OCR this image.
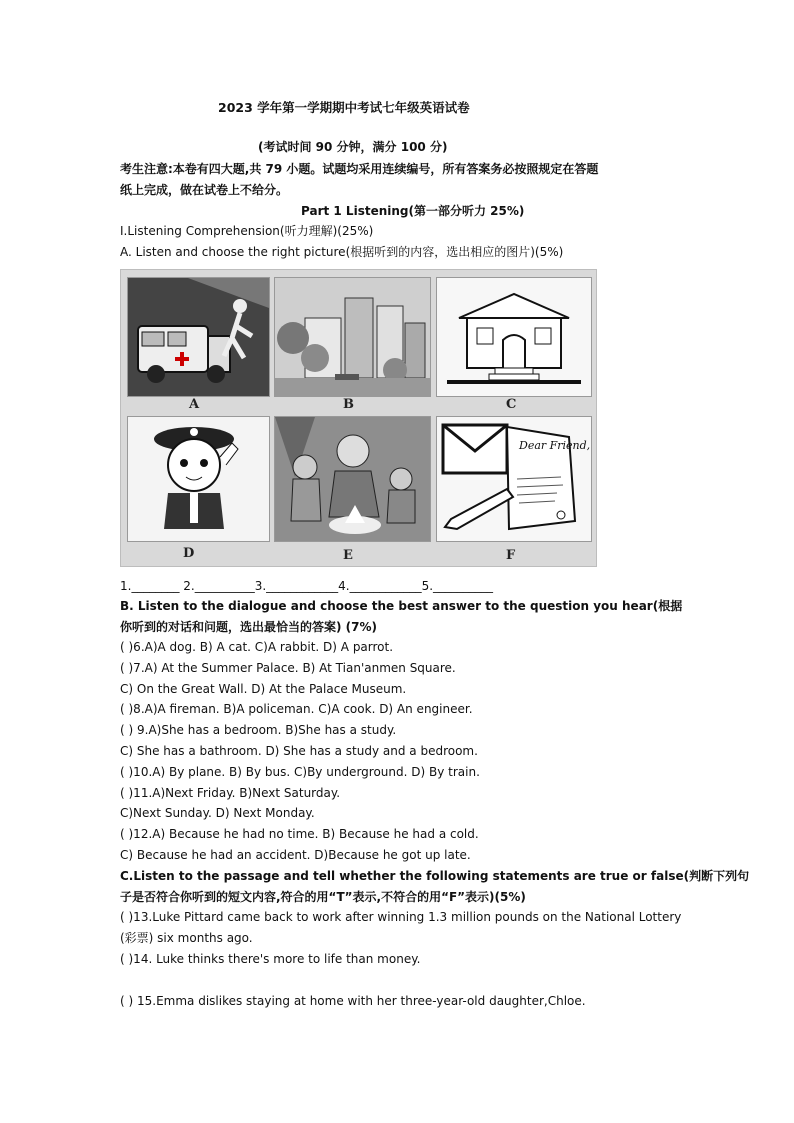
2023 学年第一学期期中考试七年级英语试卷
(考试时间 90 分钟，满分 100 分)
考生注意:本卷有四大题,共 79 小题。试题均采用连续编号，所有答案务必按照规定在答题
纸上完成，做在试卷上不给分。
Part 1 Listening(第一部分听力 25%)
I.Listening Comprehension(听力理解)(25%)
A. Listen and choose the right picture(根据听到的内容，选出相应的图片)(5%)
Dear Friend,
A	B	C
D	E	F
1.________ 2.__________3.____________4.____________5.__________
B. Listen to the dialogue and choose the best answer to the question you hear(根据
你听到的对话和问题，选出最恰当的答案) (7%)
( )6.A)A dog. B) A cat. C)A rabbit. D) A parrot.
( )7.A) At the Summer Palace. B) At Tian'anmen Square.
C) On the Great Wall. D) At the Palace Museum.
( )8.A)A fireman. B)A policeman. C)A cook. D) An engineer.
( ) 9.A)She has a bedroom. B)She has a study.
C) She has a bathroom. D) She has a study and a bedroom.
( )10.A) By plane. B) By bus. C)By underground. D) By train.
( )11.A)Next Friday. B)Next Saturday.
C)Next Sunday. D) Next Monday.
( )12.A) Because he had no time. B) Because he had a cold.
C) Because he had an accident. D)Because he got up late.
C.Listen to the passage and tell whether the following statements are true or false(判断下列句
子是否符合你听到的短文内容,符合的用“T”表示,不符合的用“F”表示)(5%)
( )13.Luke Pittard came back to work after winning 1.3 million pounds on the National Lottery
(彩票) six months ago.
( )14. Luke thinks there's more to life than money.
( ) 15.Emma dislikes staying at home with her three-year-old daughter,Chloe.
